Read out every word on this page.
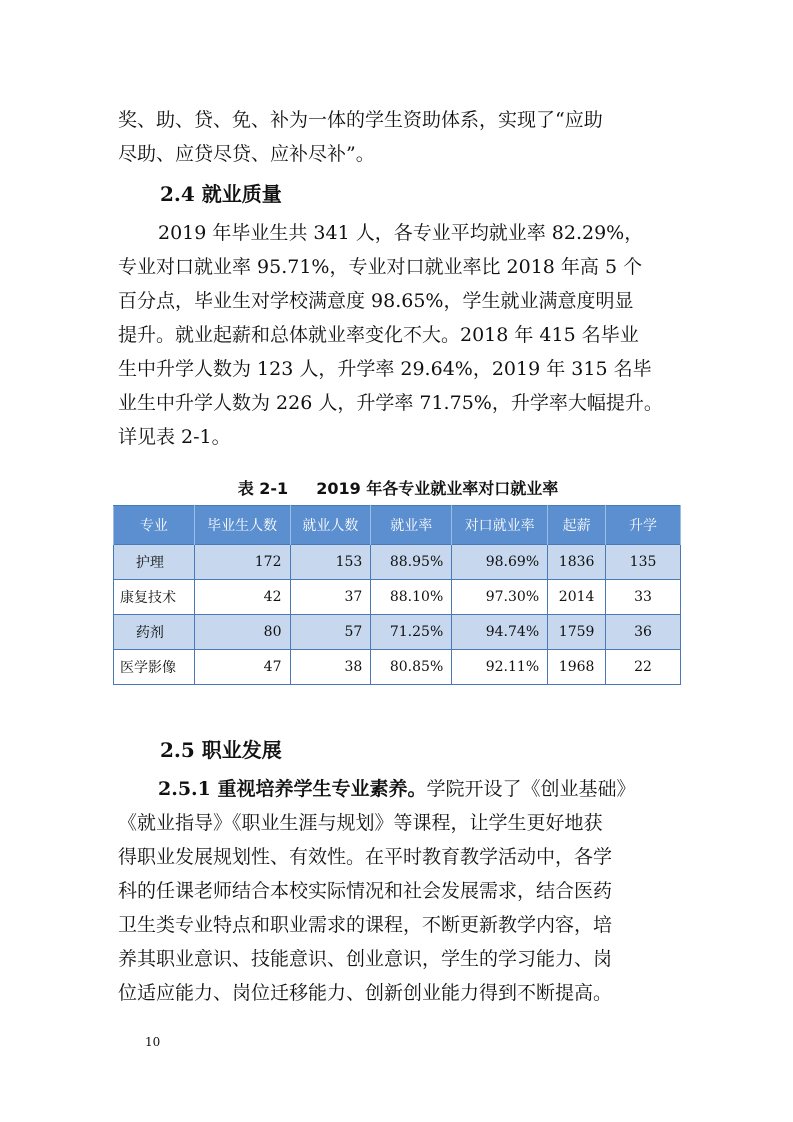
奖、助、贷、免、补为一体的学生资助体系，实现了“应助
尽助、应贷尽贷、应补尽补”。
2.4 就业质量
2019 年毕业生共 341 人，各专业平均就业率 82.29%，
专业对口就业率 95.71%，专业对口就业率比 2018 年高 5 个
百分点，毕业生对学校满意度 98.65%，学生就业满意度明显
提升。就业起薪和总体就业率变化不大。2018 年 415 名毕业
生中升学人数为 123 人，升学率 29.64%，2019 年 315 名毕
业生中升学人数为 226 人，升学率 71.75%，升学率大幅提升。
详见表 2-1。
表 2-1 2019 年各专业就业率对口就业率
专业	毕业生人数	就业人数	就业率	对口就业率	起薪	升学
护理	172	153	88.95%	98.69%	1836	135
康复技术	42	37	88.10%	97.30%	2014	33
药剂	80	57	71.25%	94.74%	1759	36
医学影像	47	38	80.85%	92.11%	1968	22
2.5 职业发展
2.5.1 重视培养学生专业素养。学院开设了《创业基础》
《就业指导》《职业生涯与规划》等课程，让学生更好地获
得职业发展规划性、有效性。在平时教育教学活动中，各学
科的任课老师结合本校实际情况和社会发展需求，结合医药
卫生类专业特点和职业需求的课程，不断更新教学内容，培
养其职业意识、技能意识、创业意识，学生的学习能力、岗
位适应能力、岗位迁移能力、创新创业能力得到不断提高。
10
